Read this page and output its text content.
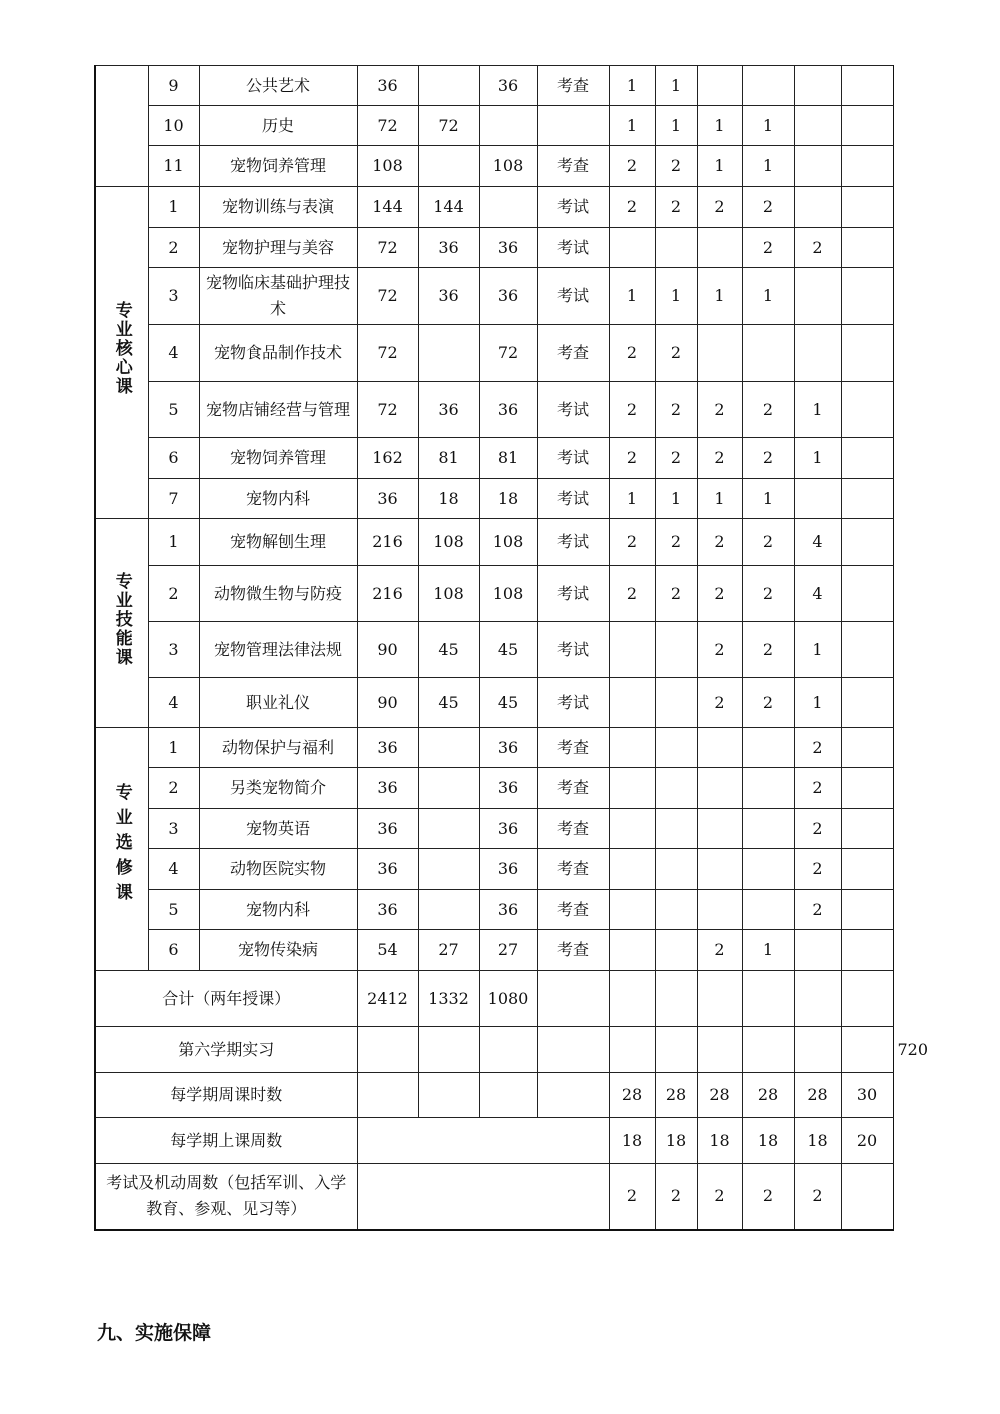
	9	公共艺术	36		36	考查	1	1					
	10	历史	72	72			1	1	1	1			
	11	宠物饲养管理	108		108	考查	2	2	1	1			
专业核心课	1	宠物训练与表演	144	144		考试	2	2	2	2			
	2	宠物护理与美容	72	36	36	考试				2	2		
	3	宠物临床基础护理技术	72	36	36	考试	1	1	1	1			
	4	宠物食品制作技术	72		72	考查	2	2					
	5	宠物店铺经营与管理	72	36	36	考试	2	2	2	2	1		
	6	宠物饲养管理	162	81	81	考试	2	2	2	2	1		
	7	宠物内科	36	18	18	考试	1	1	1	1			
专业技能课	1	宠物解刨生理	216	108	108	考试	2	2	2	2	4		
	2	动物微生物与防疫	216	108	108	考试	2	2	2	2	4		
	3	宠物管理法律法规	90	45	45	考试			2	2	1		
	4	职业礼仪	90	45	45	考试			2	2	1		
专业选修课	1	动物保护与福利	36		36	考查					2		
	2	另类宠物简介	36		36	考查					2		
	3	宠物英语	36		36	考查					2		
	4	动物医院实物	36		36	考查					2		
	5	宠物内科	36		36	考查					2		
	6	宠物传染病	54	27	27	考查			2	1			
合计（两年授课）			2412	1332	1080									
第六学期实习													720
每学期周课时数							28	28	28	28	28	30	
每学期上课周数							18	18	18	18	18	20	
考试及机动周数（包括军训、入学教育、参观、见习等）							2	2	2	2	2		
九、实施保障
